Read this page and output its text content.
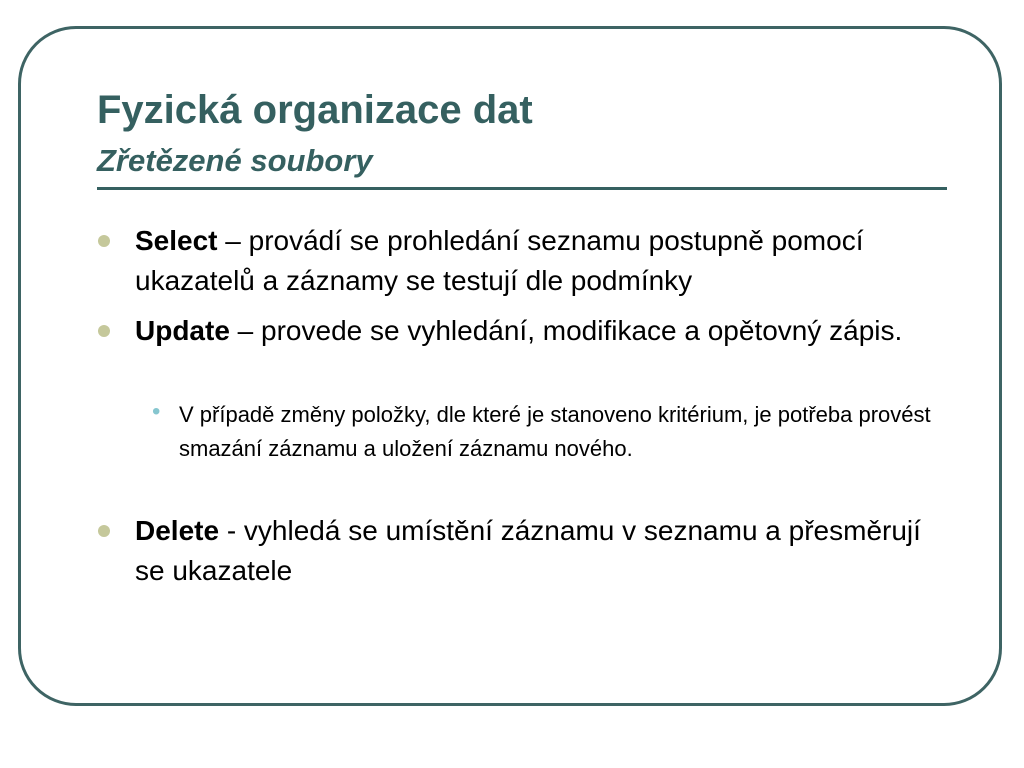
Fyzická organizace dat
Zřetězené soubory
Select – provádí se prohledání seznamu postupně pomocí ukazatelů a záznamy se testují dle podmínky
Update – provede se vyhledání, modifikace a opětovný zápis.
• V případě změny položky, dle které je stanoveno kritérium, je potřeba provést smazání záznamu a uložení záznamu nového.
Delete - vyhledá se umístění záznamu v seznamu a přesměrují se ukazatele
